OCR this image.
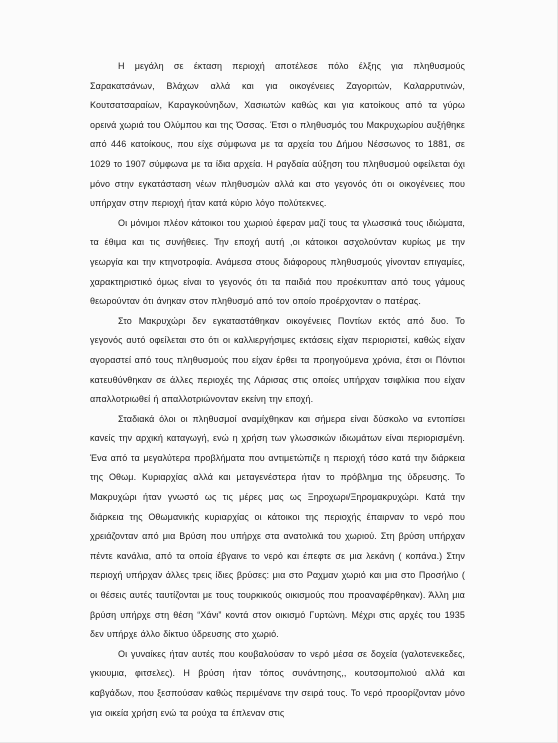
Η μεγάλη σε έκταση περιοχή αποτέλεσε πόλο έλξης για πληθυσμούς Σαρακατσάνων, Βλάχων αλλά και για οικογένειες Ζαγοριτών, Καλαρρυτινών, Κουτσατσαραίων, Καραγκούνηδων, Χασιωτών καθώς και για κατοίκους από τα γύρω ορεινά χωριά του Ολύμπου και της Όσσας. Έτσι ο πληθυσμός του Μακρυχωρίου αυξήθηκε από 446 κατοίκους, που είχε σύμφωνα με τα αρχεία του Δήμου Νέσσωνος το 1881, σε 1029 το 1907 σύμφωνα με τα ίδια αρχεία. Η ραγδαία αύξηση του πληθυσμού οφείλεται όχι μόνο στην εγκατάσταση νέων πληθυσμών αλλά και στο γεγονός ότι οι οικογένειες που υπήρχαν στην περιοχή ήταν κατά κύριο λόγο πολύτεκνες.

Οι μόνιμοι πλέον κάτοικοι του χωριού έφεραν μαζί τους τα γλωσσικά τους ιδιώματα, τα έθιμα και τις συνήθειες. Την εποχή αυτή ,οι κάτοικοι ασχολούνταν κυρίως με την γεωργία και την κτηνοτροφία. Ανάμεσα στους διάφορους πληθυσμούς γίνονταν επιγαμίες, χαρακτηριστικό όμως είναι το γεγονός ότι τα παιδιά που προέκυπταν από τους γάμους θεωρούνταν ότι άνηκαν στον πληθυσμό από τον οποίο προέρχονταν ο πατέρας.

Στο Μακρυχώρι δεν εγκαταστάθηκαν οικογένειες Ποντίων εκτός από δυο. Το γεγονός αυτό οφείλεται στο ότι οι καλλιεργήσιμες εκτάσεις είχαν περιοριστεί, καθώς είχαν αγοραστεί από τους πληθυσμούς που είχαν έρθει τα προηγούμενα χρόνια, έτσι οι Πόντιοι κατευθύνθηκαν σε άλλες περιοχές της Λάρισας στις οποίες υπήρχαν τσιφλίκια που είχαν απαλλοτριωθεί ή απαλλοτριώνονταν εκείνη την εποχή.

Σταδιακά όλοι οι πληθυσμοί αναμίχθηκαν και σήμερα είναι δύσκολο να εντοπίσει κανείς την αρχική καταγωγή, ενώ η χρήση των γλωσσικών ιδιωμάτων είναι περιορισμένη. Ένα από τα μεγαλύτερα προβλήματα που αντιμετώπιζε η περιοχή τόσο κατά την διάρκεια της Οθωμ. Κυριαρχίας αλλά και μεταγενέστερα ήταν το πρόβλημα της ύδρευσης. Το Μακρυχώρι ήταν γνωστό ως τις μέρες μας ως Ξηροχωρι/Ξηρομακρυχώρι. Κατά την διάρκεια της Οθωμανικής κυριαρχίας οι κάτοικοι της περιοχής έπαιρναν το νερό που χρειάζονταν από μια Βρύση που υπήρχε στα ανατολικά του χωριού. Στη βρύση υπήρχαν πέντε κανάλια, από τα οποία έβγαινε το νερό και έπεφτε σε μια λεκάνη ( κοπάνα.) Στην περιοχή υπήρχαν άλλες τρεις ίδιες βρύσες: μια στο Ραχμαν χωριό και μια στο Προσήλιο ( οι θέσεις αυτές ταυτίζονται με τους τουρκικούς οικισμούς που προαναφέρθηκαν). Άλλη μια βρύση υπήρχε στη θέση “Χάνι” κοντά στον οικισμό Γυρτώνη. Μέχρι στις αρχές του 1935 δεν υπήρχε άλλο δίκτυο ύδρευσης στο χωριό.

Οι γυναίκες ήταν αυτές που κουβαλούσαν το νερό μέσα σε δοχεία (γαλοτενεκεδες, γκιουμια, φιτσελες). Η βρύση ήταν τόπος συνάντησης,, κουτσομπολιού αλλά και καβγάδων, που ξεσπούσαν καθώς περιμένανε την σειρά τους. Το νερό προορίζονταν μόνο για οικεία χρήση ενώ τα ρούχα τα έπλεναν στις
